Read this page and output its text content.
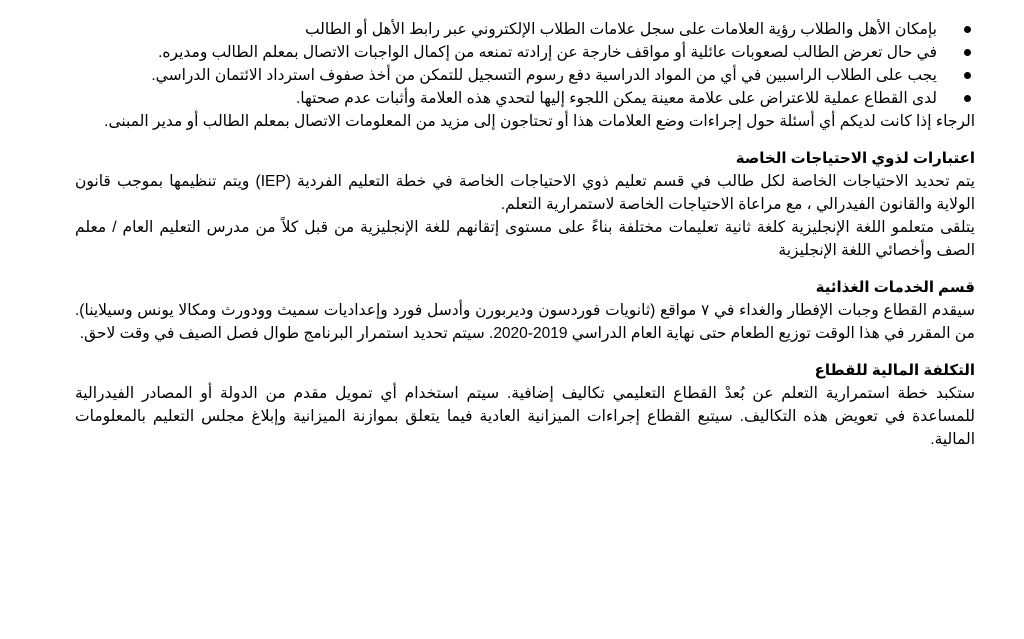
بإمكان الأهل والطلاب رؤية العلامات على سجل علامات الطلاب الإلكتروني عبر رابط الأهل أو الطالب
في حال تعرض الطالب لصعوبات عائلية أو مواقف خارجة عن إرادته تمنعه من إكمال الواجبات الاتصال بمعلم الطالب ومديره.
يجب على الطلاب الراسبين في أي من المواد الدراسية دفع رسوم التسجيل للتمكن من أخذ صفوف استرداد الائتمان الدراسي.
لدى القطاع عملية للاعتراض على علامة معينة يمكن اللجوء إليها لتحدي هذه العلامة وأثبات عدم صحتها.

الرجاء إذا كانت لديكم أي أسئلة حول إجراءات وضع العلامات هذا أو تحتاجون إلى مزيد من المعلومات الاتصال بمعلم الطالب أو مدير المبنى.

اعتبارات لذوي الاحتياجات الخاصة

يتم تحديد الاحتياجات الخاصة لكل طالب في قسم تعليم ذوي الاحتياجات الخاصة في خطة التعليم الفردية (IEP) ويتم تنظيمها بموجب قانون الولاية والقانون الفيدرالي ، مع مراعاة الاحتياجات الخاصة لاستمرارية التعلم.

يتلقى متعلمو اللغة الإنجليزية كلغة ثانية تعليمات مختلفة بناءً على مستوى إتقانهم للغة الإنجليزية من قبل كلاً من مدرس التعليم العام / معلم الصف وأخصائي اللغة الإنجليزية

قسم الخدمات الغذائية

سيقدم القطاع وجبات الإفطار والغداء في ٧ مواقع (ثانويات فوردسون وديربورن وأدسل فورد وإعداديات سميث وودورث ومكالا يونس وسيلاينا). من المقرر في هذا الوقت توزيع الطعام حتى نهاية العام الدراسي 2019-2020. سيتم تحديد استمرار البرنامج طوال فصل الصيف في وقت لاحق.

التكلفة المالية للقطاع

ستكبد خطة استمرارية التعلم عن بُعدْ القطاع التعليمي تكاليف إضافية. سيتم استخدام أي تمويل مقدم من الدولة أو المصادر الفيدرالية للمساعدة في تعويض هذه التكاليف. سيتبع القطاع إجراءات الميزانية العادية فيما يتعلق بموازنة الميزانية وإبلاغ مجلس التعليم بالمعلومات المالية.
